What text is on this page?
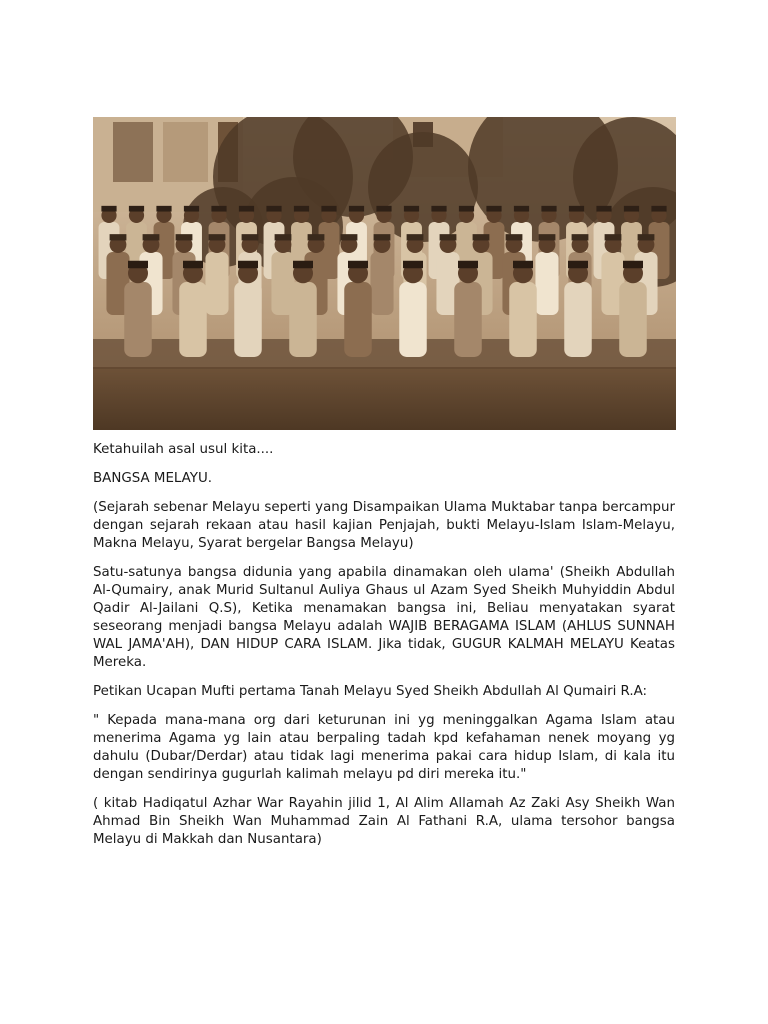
Ketahuilah asal usul kita....

BANGSA MELAYU.

(Sejarah sebenar Melayu seperti yang Disampaikan Ulama Muktabar tanpa bercampur dengan sejarah rekaan atau hasil kajian Penjajah, bukti Melayu-Islam Islam-Melayu, Makna Melayu, Syarat bergelar Bangsa Melayu)

Satu-satunya bangsa didunia yang apabila dinamakan oleh ulama' (Sheikh Abdullah Al-Qumairy, anak Murid Sultanul Auliya Ghaus ul Azam Syed Sheikh Muhyiddin Abdul Qadir Al-Jailani Q.S), Ketika menamakan bangsa ini, Beliau menyatakan syarat seseorang menjadi bangsa Melayu adalah WAJIB BERAGAMA ISLAM (AHLUS SUNNAH WAL JAMA'AH), DAN HIDUP CARA ISLAM. Jika tidak, GUGUR KALMAH MELAYU Keatas Mereka.

Petikan Ucapan Mufti pertama Tanah Melayu Syed Sheikh Abdullah Al Qumairi R.A:

" Kepada mana-mana org dari keturunan ini yg meninggalkan Agama Islam atau menerima Agama yg lain atau berpaling tadah kpd kefahaman nenek moyang yg dahulu (Dubar/Derdar) atau tidak lagi menerima pakai cara hidup Islam, di kala itu dengan sendirinya gugurlah kalimah melayu pd diri mereka itu."

( kitab Hadiqatul Azhar War Rayahin jilid 1, Al Alim Allamah Az Zaki Asy Sheikh Wan Ahmad Bin Sheikh Wan Muhammad Zain Al Fathani R.A, ulama tersohor bangsa Melayu di Makkah dan Nusantara)
